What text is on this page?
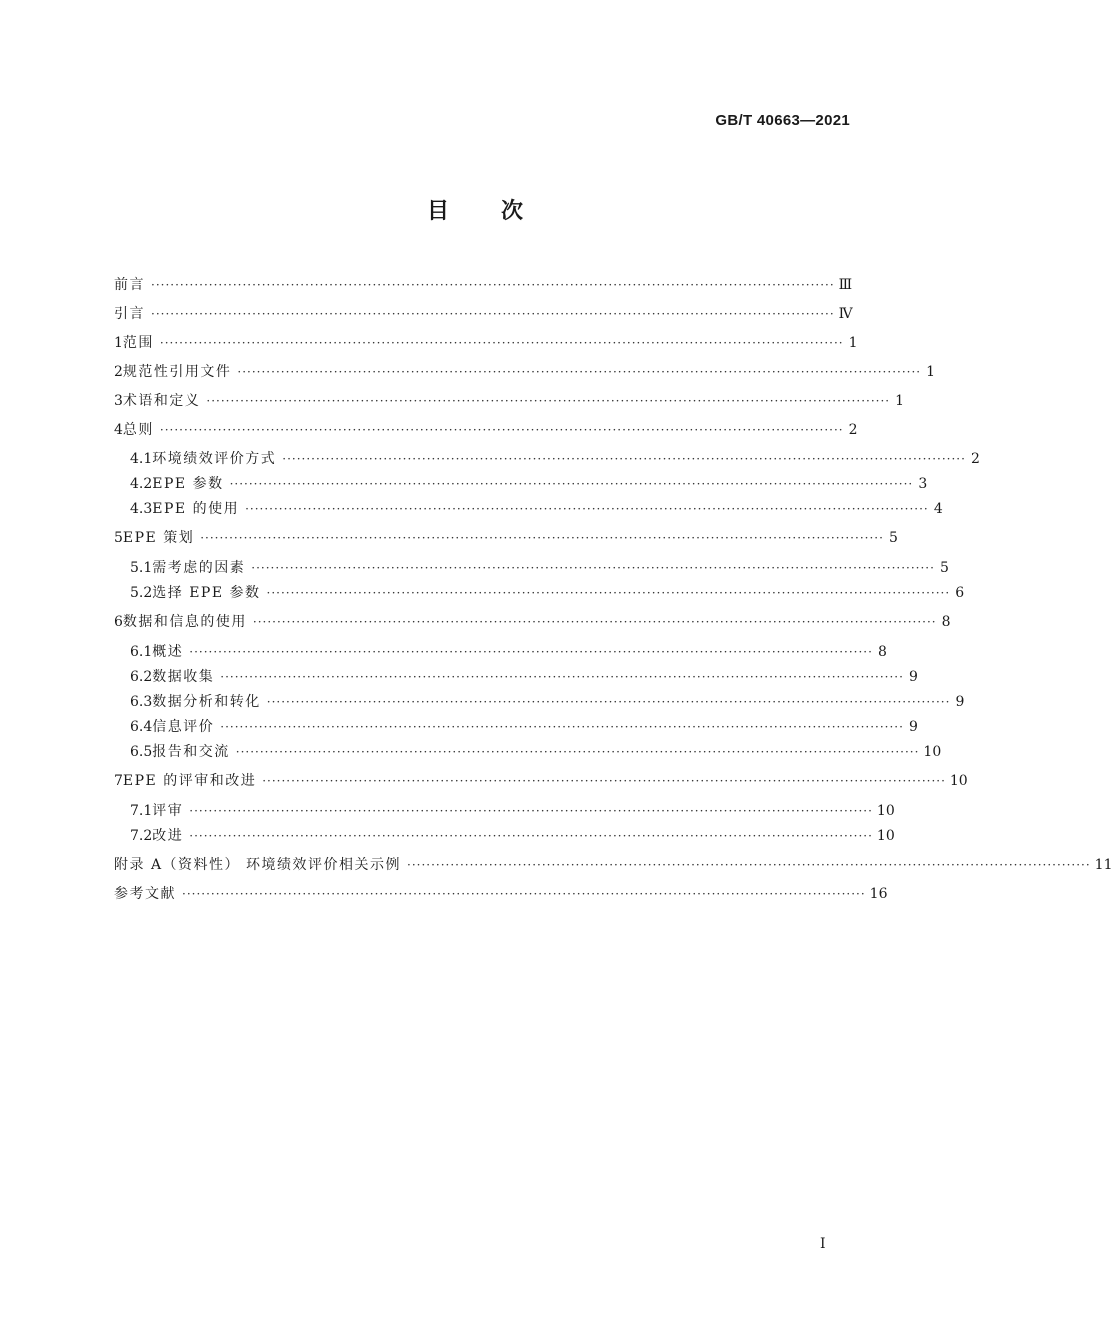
GB/T 40663—2021
目 次
前言 ·············································································································································· Ⅲ
引言 ·············································································································································· Ⅳ
1 范围 ·············································································································································· 1
2 规范性引用文件 ·············································································································································· 1
3 术语和定义 ·············································································································································· 1
4 总则 ·············································································································································· 2
4.1 环境绩效评价方式 ·············································································································································· 2
4.2 EPE 参数 ·············································································································································· 3
4.3 EPE 的使用 ·············································································································································· 4
5 EPE 策划 ·············································································································································· 5
5.1 需考虑的因素 ·············································································································································· 5
5.2 选择 EPE 参数 ·············································································································································· 6
6 数据和信息的使用 ·············································································································································· 8
6.1 概述 ·············································································································································· 8
6.2 数据收集 ·············································································································································· 9
6.3 数据分析和转化 ·············································································································································· 9
6.4 信息评价 ·············································································································································· 9
6.5 报告和交流 ·············································································································································· 10
7 EPE 的评审和改进 ·············································································································································· 10
7.1 评审 ·············································································································································· 10
7.2 改进 ·············································································································································· 10
附录 A（资料性） 环境绩效评价相关示例 ·············································································································································· 11
参考文献 ·············································································································································· 16
Ⅰ
